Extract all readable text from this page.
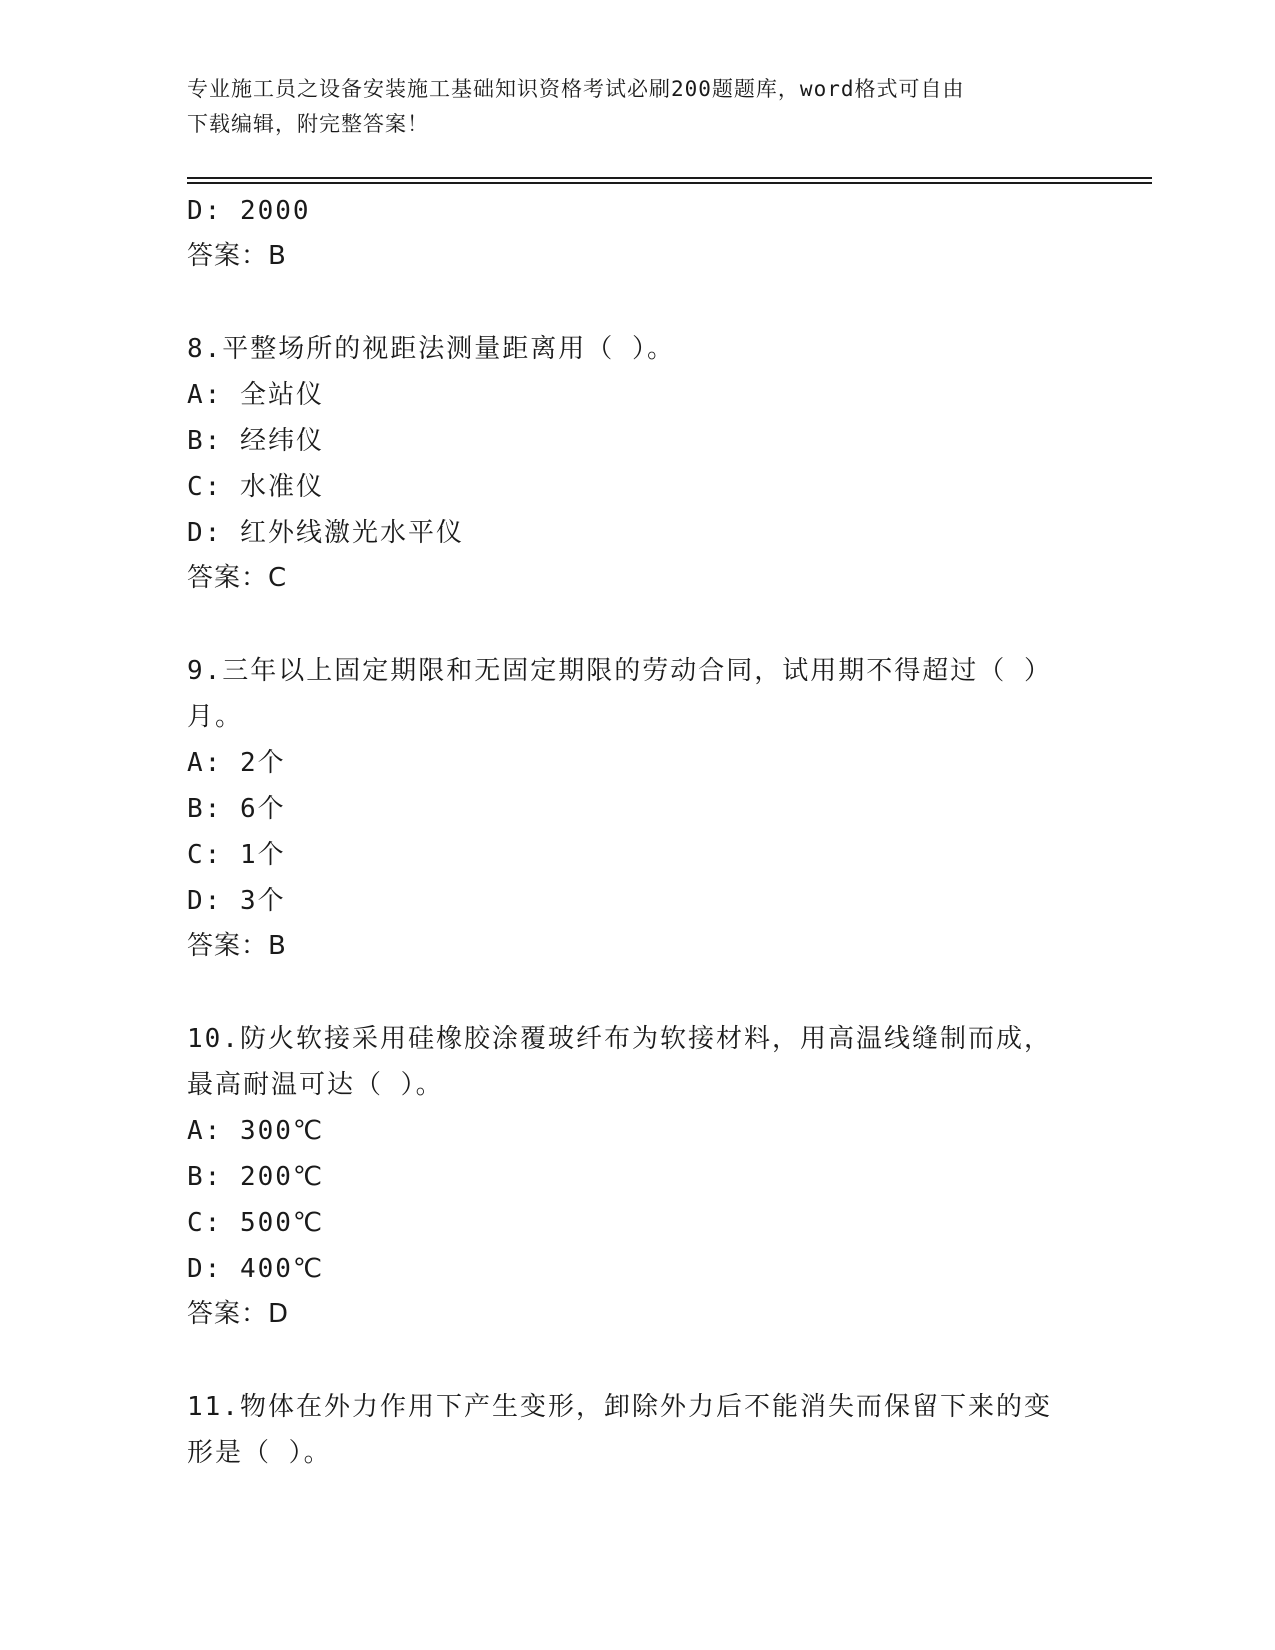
专业施工员之设备安装施工基础知识资格考试必刷200题题库，word格式可自由
下载编辑，附完整答案！
D: 2000
答案：B
8.平整场所的视距法测量距离用（ ）。
A: 全站仪
B: 经纬仪
C: 水准仪
D: 红外线激光水平仪
答案：C
9.三年以上固定期限和无固定期限的劳动合同，试用期不得超过（ ）
月。
A: 2个
B: 6个
C: 1个
D: 3个
答案：B
10.防火软接采用硅橡胶涂覆玻纤布为软接材料，用高温线缝制而成，
最高耐温可达（ ）。
A: 300℃
B: 200℃
C: 500℃
D: 400℃
答案：D
11.物体在外力作用下产生变形，卸除外力后不能消失而保留下来的变
形是（ ）。
